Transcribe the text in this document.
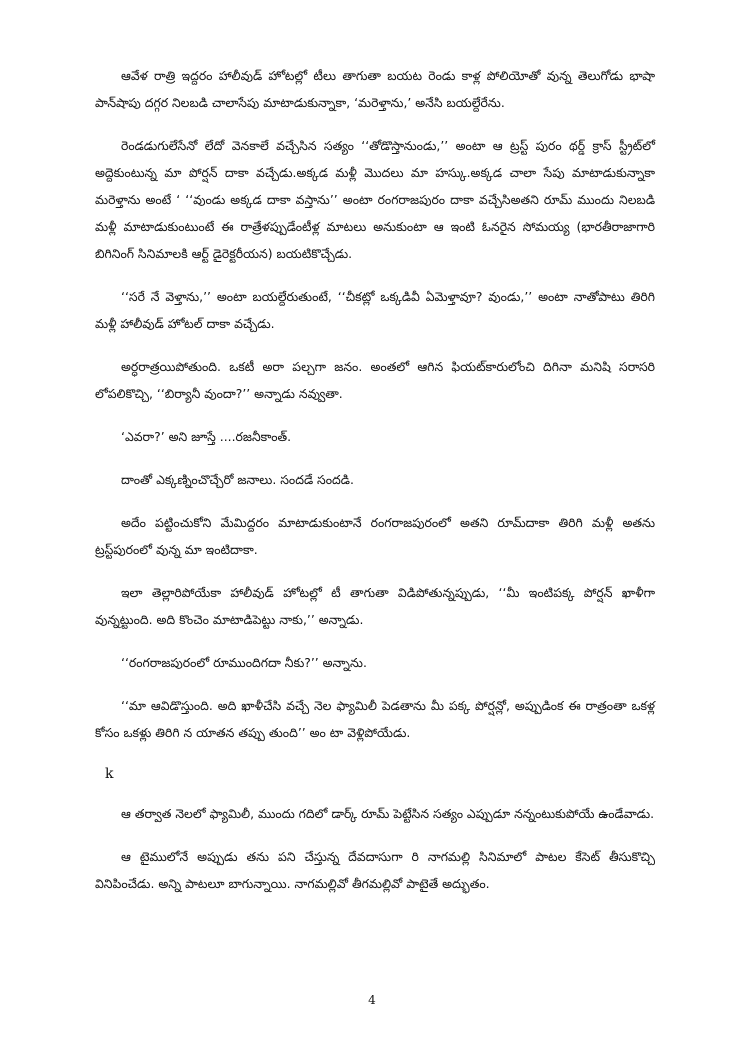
ఆవేళ రాత్రి ఇద్దరం హాలీవుడ్ హోటల్లో టీలు తాగుతా బయట రెండు కాళ్ల పోలియోతో వున్న తెలుగోడు భాషా పాన్‌షాపు దగ్గర నిలబడి చాలాసేపు మాటాడుకున్నాకా, ‘మరెళ్తాను,’ అనేసి బయల్దేరేను.

రెండడుగులేసేనో లేదో వెనకాలే వచ్చేసిన సత్యం ‘‘తోడొస్తానుండు,’’ అంటా ఆ ట్రస్ట్ పురం థర్డ్ క్రాస్ స్ట్రీట్‌లో అద్దెకుంటున్న మా పోర్షన్ దాకా వచ్చేడు.అక్కడ మళ్లీ మొదలు మా హస్కు.అక్కడ చాలా సేపు మాటాడుకున్నాకా మరెళ్తాను అంటే ‘ ‘‘వుండు అక్కడ దాకా వస్తాను’’ అంటా రంగరాజపురం దాకా వచ్చేసిఅతని రూమ్ ముందు నిలబడి మళ్లీ మాటాడుకుంటుంటే ఈ రాత్రేళప్పుడేంటీళ్ల మాటలు అనుకుంటా ఆ ఇంటి ఓనరైన సోమయ్య (భారతీరాజాగారి బిగినింగ్ సినిమాలకి ఆర్ట్ డైరెక్టరీయన) బయటికొచ్చేడు.

‘‘సరే నే వెళ్తాను,’’ అంటా బయల్దేరుతుంటే, ‘‘చీకట్లో ఒక్కడివీ ఏమెళ్తావూ? వుండు,’’ అంటా నాతోపాటు తిరిగి మళ్లీ హాలీవుడ్ హోటల్ దాకా వచ్చేడు.

అర్ధరాత్రయిపోతుంది. ఒకటీ అరా పల్చగా జనం. అంతలో ఆగిన ఫియట్‌కారులోంచి దిగినా మనిషి సరాసరి లోపలికొచ్చి, ‘‘బిర్యానీ వుందా?’’ అన్నాడు నవ్వుతా.

‘ఎవరా?’ అని జూస్తే ....రజనీకాంత్.

దాంతో ఎక్కణ్నించొచ్చేరో జనాలు. సందడే సందడి.

అదేం పట్టించుకోని మేమిద్దరం మాటాడుకుంటానే రంగరాజపురంలో అతని రూమ్‌దాకా తిరిగి మళ్లీ అతను ట్రస్ట్‌పురంలో వున్న మా ఇంటిదాకా.

ఇలా తెల్లారిపోయేకా హాలీవుడ్ హోటల్లో టీ తాగుతా విడిపోతున్నప్పుడు, ‘‘మీ ఇంటిపక్క పోర్షన్ ఖాళీగా వున్నట్టుంది. అది కొంచెం మాటాడిపెట్టు నాకు,’’ అన్నాడు.

‘‘రంగరాజపురంలో రూముందిగదా నీకు?’’ అన్నాను.

‘‘మా ఆవిడొస్తుంది. అది ఖాళీచేసి వచ్చే నెల ఫ్యామిలీ పెడతాను మీ పక్క పోర్షన్లో, అప్పుడింక ఈ రాత్రంతా ఒకళ్ల కోసం ఒకళ్లు తిరిగి న యాతన తప్పు తుంది’’ అం టా వెళ్లిపోయేడు.

k

ఆ తర్వాత నెలలో ఫ్యామిలీ, ముందు గదిలో డార్క్ రూమ్ పెట్టేసిన సత్యం ఎప్పుడూ నన్నంటుకుపోయే ఉండేవాడు.

ఆ టైములోనే అప్పుడు తను పని చేస్తున్న దేవదాసుగా రి నాగమల్లి సినిమాలో పాటల కేసెట్ తీసుకొచ్చి వినిపించేడు. అన్ని పాటలూ బాగున్నాయి. నాగమల్లివో తీగమల్లివో పాటైతే అద్భుతం.

4
